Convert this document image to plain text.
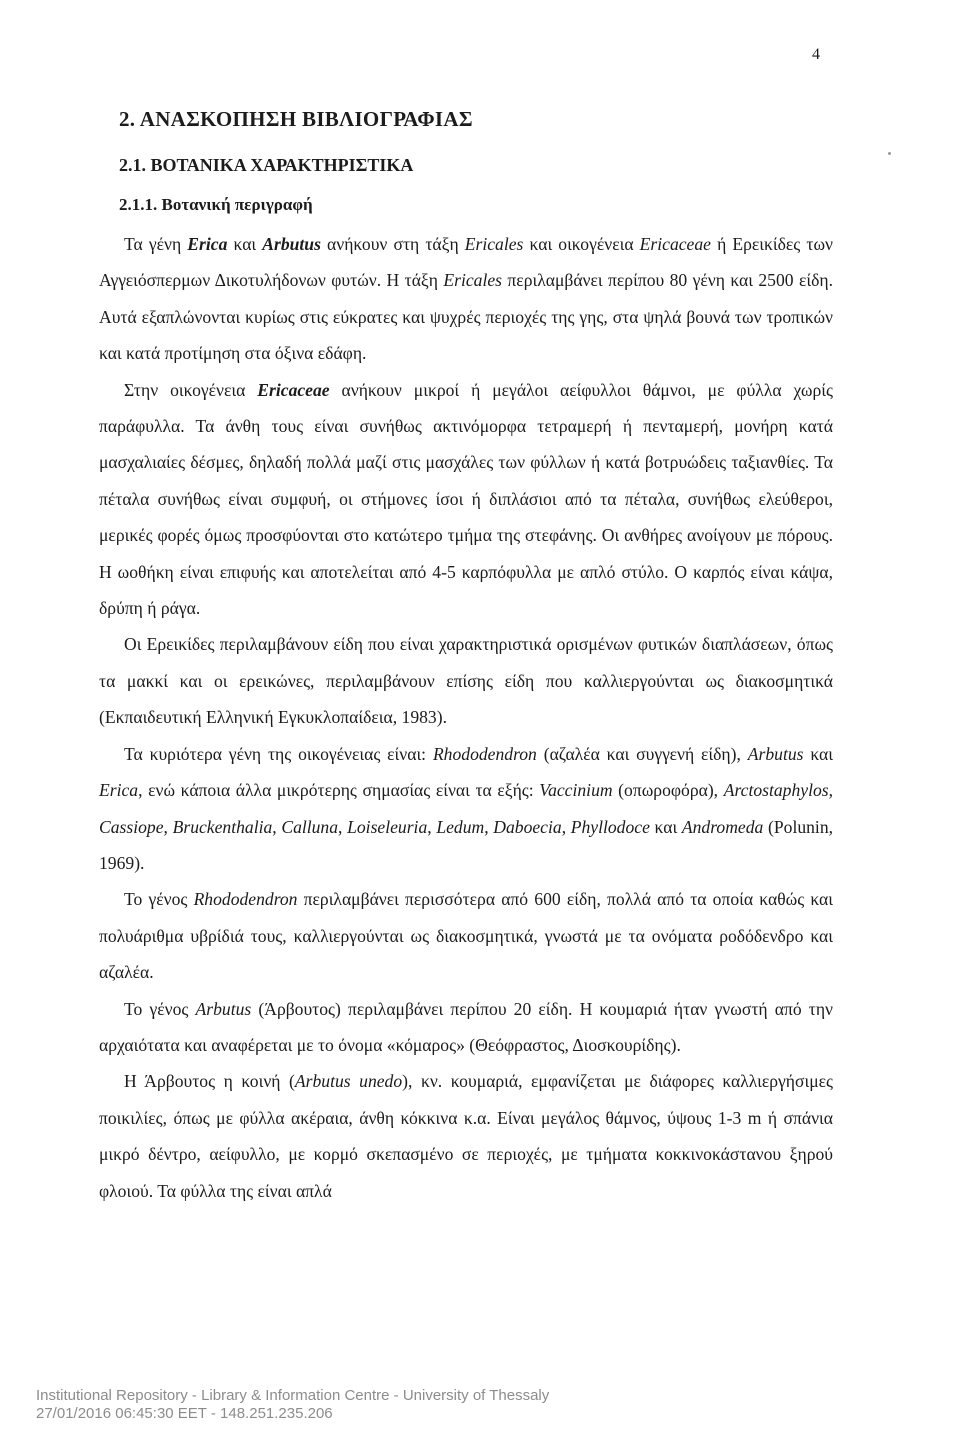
4
2. ΑΝΑΣΚΟΠΗΣΗ ΒΙΒΛΙΟΓΡΑΦΙΑΣ
2.1. ΒΟΤΑΝΙΚΑ ΧΑΡΑΚΤΗΡΙΣΤΙΚΑ
2.1.1. Βοτανική περιγραφή

Τα γένη Erica και Arbutus ανήκουν στη τάξη Ericales και οικογένεια Ericaceae ή Ερεικίδες των Αγγειόσπερμων Δικοτυλήδονων φυτών. Η τάξη Ericales περιλαμβάνει περίπου 80 γένη και 2500 είδη. Αυτά εξαπλώνονται κυρίως στις εύκρατες και ψυχρές περιοχές της γης, στα ψηλά βουνά των τροπικών και κατά προτίμηση στα όξινα εδάφη.

Στην οικογένεια Ericaceae ανήκουν μικροί ή μεγάλοι αείφυλλοι θάμνοι, με φύλλα χωρίς παράφυλλα. Τα άνθη τους είναι συνήθως ακτινόμορφα τετραμερή ή πενταμερή, μονήρη κατά μασχαλιαίες δέσμες, δηλαδή πολλά μαζί στις μασχάλες των φύλλων ή κατά βοτρυώδεις ταξιανθίες. Τα πέταλα συνήθως είναι συμφυή, οι στήμονες ίσοι ή διπλάσιοι από τα πέταλα, συνήθως ελεύθεροι, μερικές φορές όμως προσφύονται στο κατώτερο τμήμα της στεφάνης. Οι ανθήρες ανοίγουν με πόρους. Η ωοθήκη είναι επιφυής και αποτελείται από 4-5 καρπόφυλλα με απλό στύλο. Ο καρπός είναι κάψα, δρύπη ή ράγα.

Οι Ερεικίδες περιλαμβάνουν είδη που είναι χαρακτηριστικά ορισμένων φυτικών διαπλάσεων, όπως τα μακκί και οι ερεικώνες, περιλαμβάνουν επίσης είδη που καλλιεργούνται ως διακοσμητικά (Εκπαιδευτική Ελληνική Εγκυκλοπαίδεια, 1983).

Τα κυριότερα γένη της οικογένειας είναι: Rhododendron (αζαλέα και συγγενή είδη), Arbutus και Erica, ενώ κάποια άλλα μικρότερης σημασίας είναι τα εξής: Vaccinium (οπωροφόρα), Arctostaphylos, Cassiope, Bruckenthalia, Calluna, Loiseleuria, Ledum, Daboecia, Phyllodoce και Andromeda (Polunin, 1969).

Το γένος Rhododendron περιλαμβάνει περισσότερα από 600 είδη, πολλά από τα οποία καθώς και πολυάριθμα υβρίδιά τους, καλλιεργούνται ως διακοσμητικά, γνωστά με τα ονόματα ροδόδενδρο και αζαλέα.

Το γένος Arbutus (Άρβουτος) περιλαμβάνει περίπου 20 είδη. Η κουμαριά ήταν γνωστή από την αρχαιότατα και αναφέρεται με το όνομα «κόμαρος» (Θεόφραστος, Διοσκουρίδης).

Η Άρβουτος η κοινή (Arbutus unedo), κν. κουμαριά, εμφανίζεται με διάφορες καλλιεργήσιμες ποικιλίες, όπως με φύλλα ακέραια, άνθη κόκκινα κ.α. Είναι μεγάλος θάμνος, ύψους 1-3 m ή σπάνια μικρό δέντρο, αείφυλλο, με κορμό σκεπασμένο σε περιοχές, με τμήματα κοκκινοκάστανου ξηρού φλοιού. Τα φύλλα της είναι απλά

Institutional Repository - Library & Information Centre - University of Thessaly
27/01/2016 06:45:30 EET - 148.251.235.206
